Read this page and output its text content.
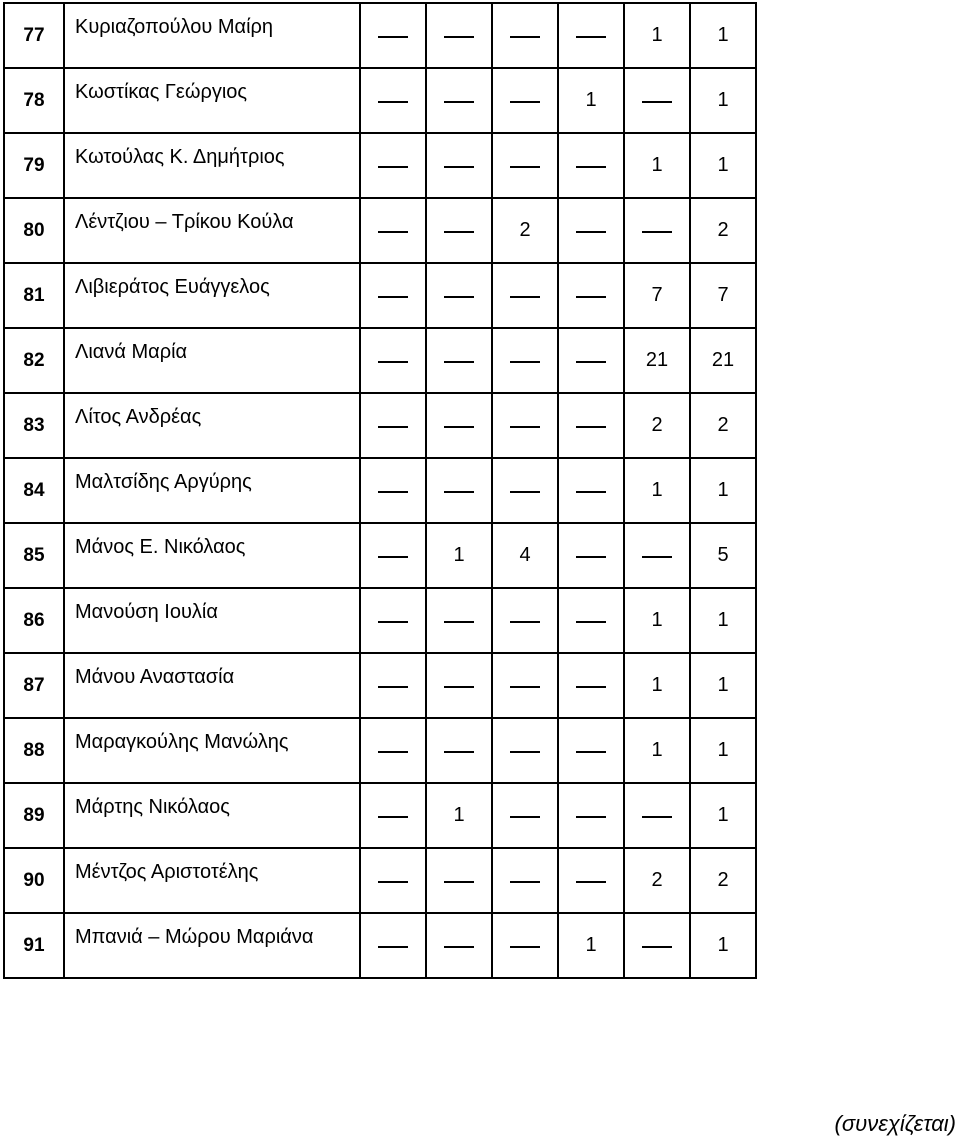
77	Κυριαζοπούλου Μαίρη					1	1
78	Κωστίκας Γεώργιος				1		1
79	Κωτούλας Κ. Δημήτριος					1	1
80	Λέντζιου – Τρίκου Κούλα			2			2
81	Λιβιεράτος Ευάγγελος					7	7
82	Λιανά Μαρία					21	21
83	Λίτος Ανδρέας					2	2
84	Μαλτσίδης Αργύρης					1	1
85	Μάνος Ε. Νικόλαος		1	4			5
86	Μανούση Ιουλία					1	1
87	Μάνου Αναστασία					1	1
88	Μαραγκούλης Μανώλης					1	1
89	Μάρτης Νικόλαος		1				1
90	Μέντζος Αριστοτέλης					2	2
91	Μπανιά – Μώρου Μαριάνα				1		1
(συνεχίζεται)
